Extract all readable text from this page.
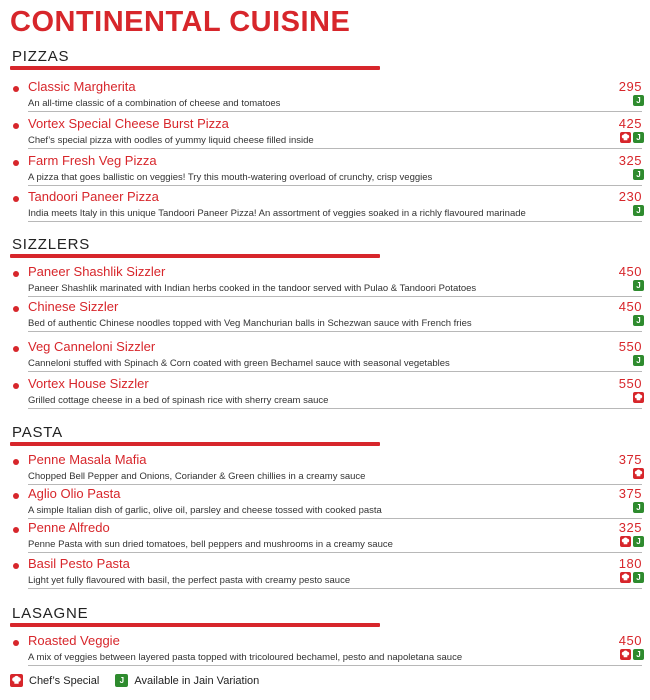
CONTINENTAL CUISINE
PIZZAS
Classic Margherita	295
An all-time classic of a combination of cheese and tomatoes	J
Vortex Special Cheese Burst Pizza	425
Chef’s special pizza with oodles of yummy liquid cheese filled inside	J
Farm Fresh Veg Pizza	325
A pizza that goes ballistic on veggies! Try this mouth-watering overload of crunchy, crisp veggies	J
Tandoori Paneer Pizza	230
India meets Italy in this unique Tandoori Paneer Pizza! An assortment of veggies soaked in a richly flavoured marinade	J
SIZZLERS
Paneer Shashlik Sizzler	450
Paneer Shashlik marinated with Indian herbs cooked in the tandoor served with Pulao & Tandoori Potatoes	J
Chinese Sizzler	450
Bed of authentic Chinese noodles topped with Veg Manchurian balls in Schezwan sauce with French fries	J
Veg Canneloni Sizzler	550
Canneloni stuffed with Spinach & Corn coated with green Bechamel sauce with seasonal vegetables	J
Vortex House Sizzler	550
Grilled cottage cheese in a bed of spinash rice with sherry cream sauce
PASTA
Penne Masala Mafia	375
Chopped Bell Pepper and Onions, Coriander & Green chillies in a creamy sauce
Aglio Olio Pasta	375
A simple Italian dish of garlic, olive oil, parsley and cheese tossed with cooked pasta	J
Penne Alfredo	325
Penne Pasta with sun dried tomatoes, bell peppers and mushrooms in a creamy sauce	J
Basil Pesto Pasta	180
Light yet fully flavoured with basil, the perfect pasta with creamy pesto sauce	J
LASAGNE
Roasted Veggie	450
A mix of veggies between layered pasta topped with tricoloured bechamel, pesto and napoletana sauce	J
Chef’s Special	J Available in Jain Variation
